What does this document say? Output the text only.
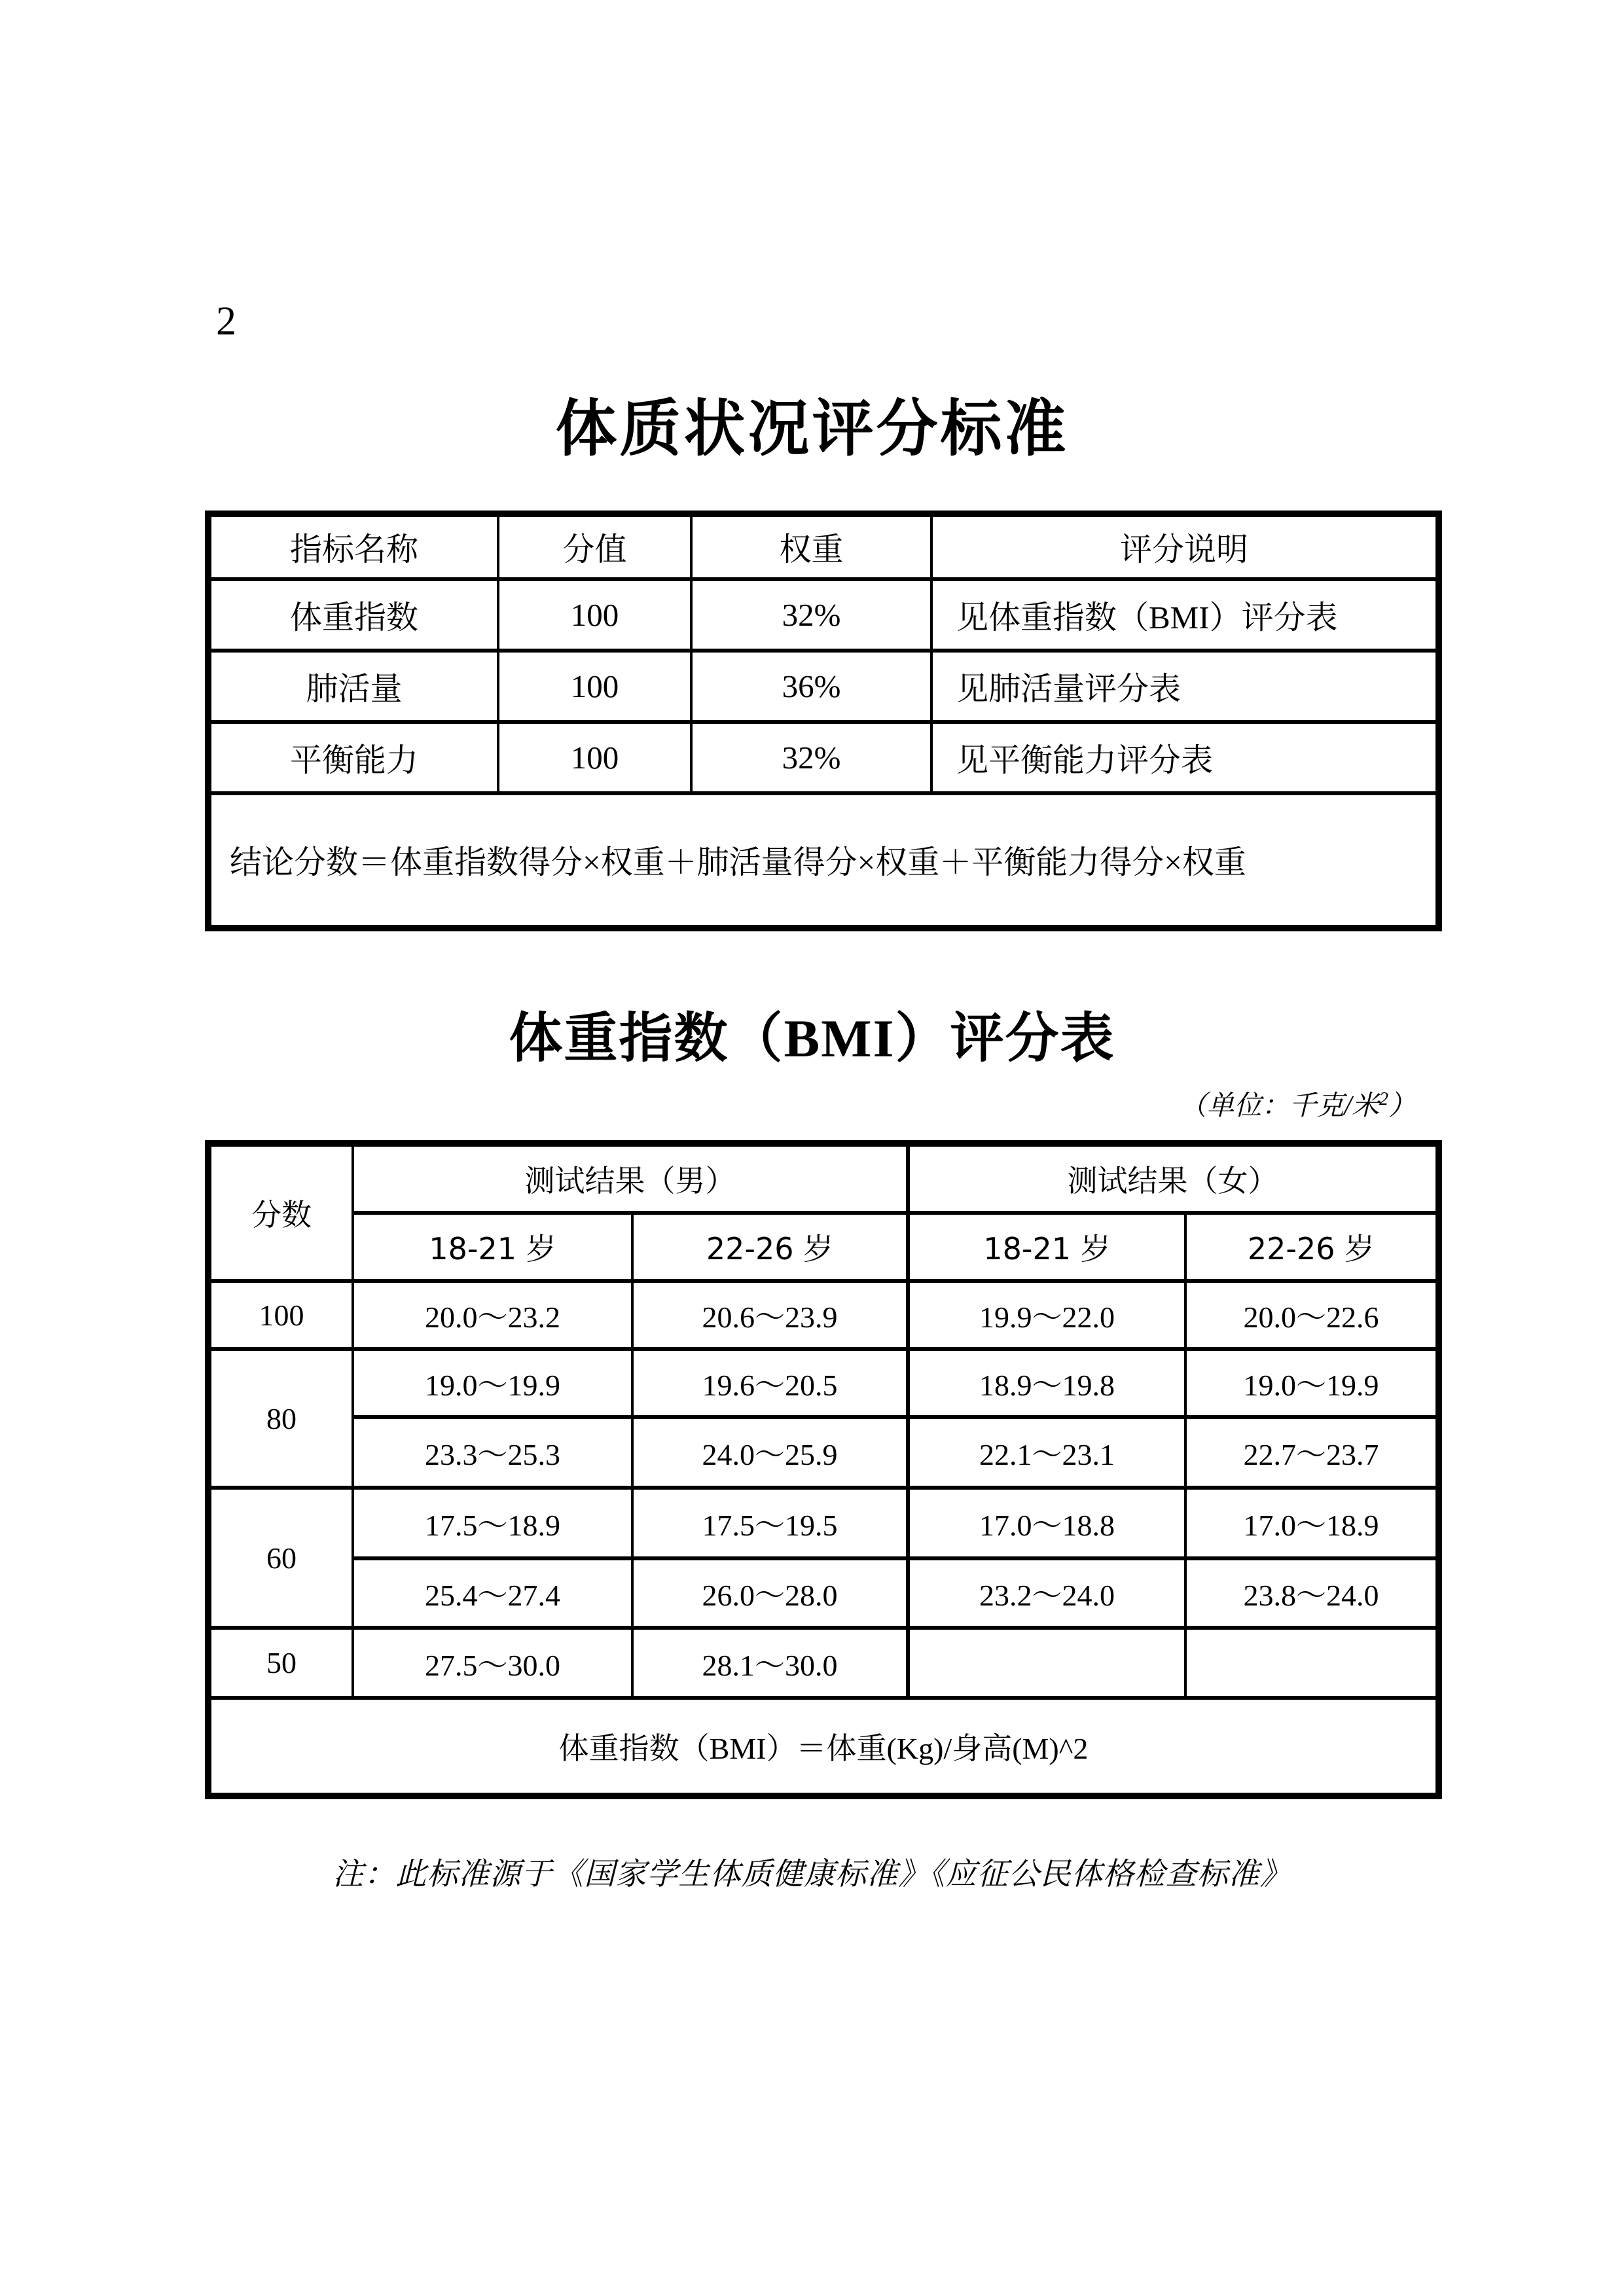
2
体质状况评分标准
指标名称	分值	权重	评分说明
体重指数	100	32%	见体重指数（BMI）评分表
肺活量	100	36%	见肺活量评分表
平衡能力	100	32%	见平衡能力评分表
结论分数＝体重指数得分×权重＋肺活量得分×权重＋平衡能力得分×权重			
体重指数（BMI）评分表
（单位：千克/米$^2$）
分数	测试结果（男）		测试结果（女）	
	18-21 岁	22-26 岁	18-21 岁	22-26 岁
100	20.0～23.2	20.6～23.9	19.9～22.0	20.0～22.6
80	19.0～19.9	19.6～20.5	18.9～19.8	19.0～19.9
	23.3～25.3	24.0～25.9	22.1～23.1	22.7～23.7
60	17.5～18.9	17.5～19.5	17.0～18.8	17.0～18.9
	25.4～27.4	26.0～28.0	23.2～24.0	23.8～24.0
50	27.5～30.0	28.1～30.0		
体重指数（BMI）＝体重(Kg)/身高(M)^2				
注：此标准源于《国家学生体质健康标准》《应征公民体格检查标准》
